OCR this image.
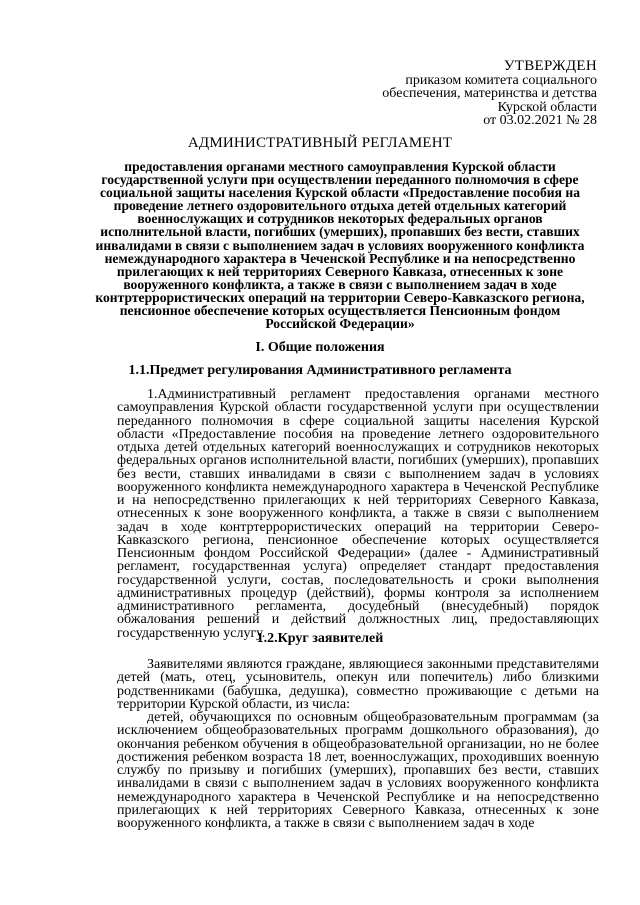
УТВЕРЖДЕН
приказом комитета социального
обеспечения, материнства и детства
Курской области
от 03.02.2021 № 28
АДМИНИСТРАТИВНЫЙ РЕГЛАМЕНТ
предоставления органами местного самоуправления Курской области государственной услуги при осуществлении переданного полномочия в сфере социальной защиты населения Курской области «Предоставление пособия на проведение летнего оздоровительного отдыха детей отдельных категорий военнослужащих и сотрудников некоторых федеральных органов исполнительной власти, погибших (умерших), пропавших без вести, ставших инвалидами в связи с выполнением задач в условиях вооруженного конфликта немеждународного характера в Чеченской Республике и на непосредственно прилегающих к ней территориях Северного Кавказа, отнесенных к зоне вооруженного конфликта, а также в связи с выполнением задач в ходе контртеррористических операций на территории Северо-Кавказского региона, пенсионное обеспечение которых осуществляется Пенсионным фондом Российской Федерации»
I. Общие положения
1.1.Предмет регулирования Административного регламента

1.Административный регламент предоставления органами местного самоуправления Курской области государственной услуги при осуществлении переданного полномочия в сфере социальной защиты населения Курской области «Предоставление пособия на проведение летнего оздоровительного отдыха детей отдельных категорий военнослужащих и сотрудников некоторых федеральных органов исполнительной власти, погибших (умерших), пропавших без вести, ставших инвалидами в связи с выполнением задач в условиях вооруженного конфликта немеждународного характера в Чеченской Республике и на непосредственно прилегающих к ней территориях Северного Кавказа, отнесенных к зоне вооруженного конфликта, а также в связи с выполнением задач в ходе контртеррористических операций на территории Северо-Кавказского региона, пенсионное обеспечение которых осуществляется Пенсионным фондом Российской Федерации» (далее - Административный регламент, государственная услуга) определяет стандарт предоставления государственной услуги, состав, последовательность и сроки выполнения административных процедур (действий), формы контроля за исполнением административного регламента, досудебный (внесудебный) порядок обжалования решений и действий должностных лиц, предоставляющих государственную услугу.

1.2.Круг заявителей

Заявителями являются граждане, являющиеся законными представителями детей (мать, отец, усыновитель, опекун или попечитель) либо близкими родственниками (бабушка, дедушка), совместно проживающие с детьми на территории Курской области, из числа:

детей, обучающихся по основным общеобразовательным программам (за исключением общеобразовательных программ дошкольного образования), до окончания ребенком обучения в общеобразовательной организации, но не более достижения ребенком возраста 18 лет, военнослужащих, проходивших военную службу по призыву и погибших (умерших), пропавших без вести, ставших инвалидами в связи с выполнением задач в условиях вооруженного конфликта немеждународного характера в Чеченской Республике и на непосредственно прилегающих к ней территориях Северного Кавказа, отнесенных к зоне вооруженного конфликта, а также в связи с выполнением задач в ходе
